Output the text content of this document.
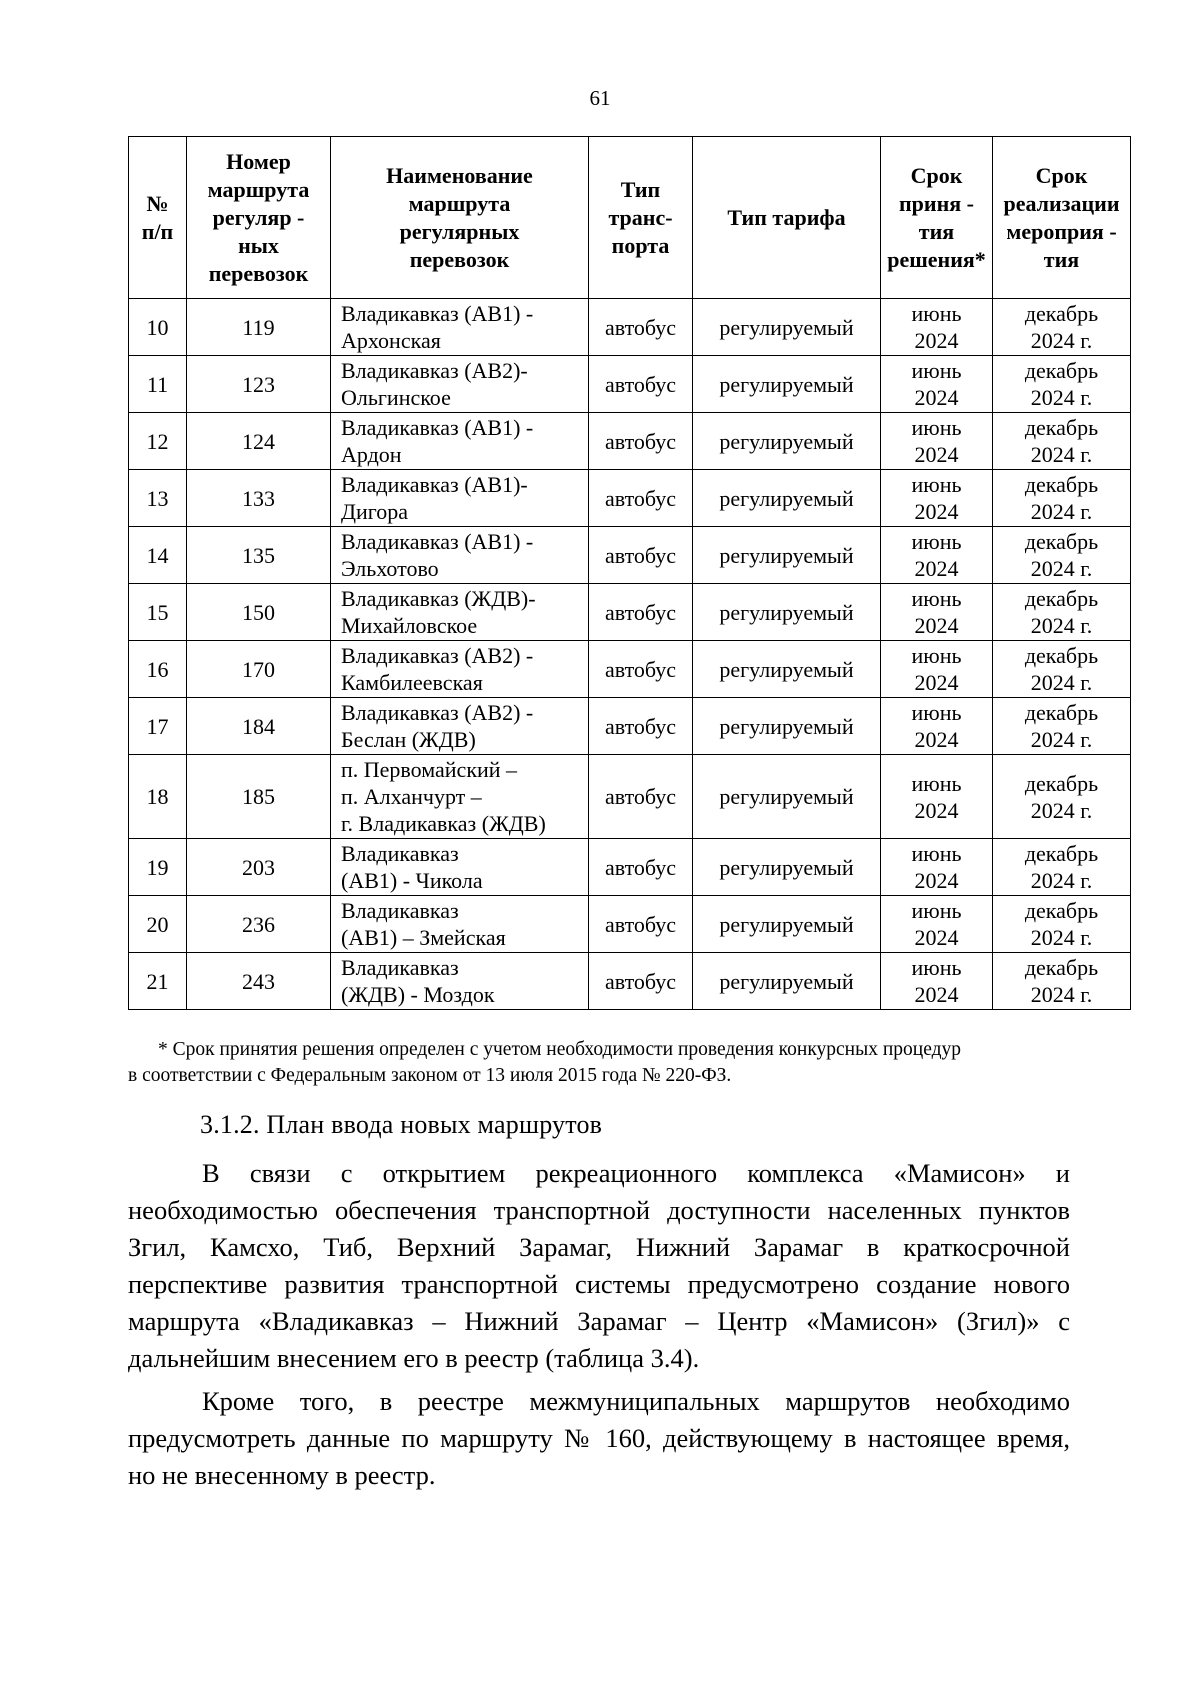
61
№
п/п	Номер
маршрута
регуляр -
ных
перевозок	Наименование
маршрута
регулярных
перевозок	Тип
транс-
порта	Тип тарифа	Срок
приня -
тия
решения*	Срок
реализации
мероприя -
тия

10	119	Владикавказ (АВ1) -
Архонская	автобус	регулируемый	июнь
2024	декабрь
2024 г.

11	123	Владикавказ (АВ2)-
Ольгинское	автобус	регулируемый	июнь
2024	декабрь
2024 г.

12	124	Владикавказ (АВ1) -
Ардон	автобус	регулируемый	июнь
2024	декабрь
2024 г.

13	133	Владикавказ (АВ1)-
Дигора	автобус	регулируемый	июнь
2024	декабрь
2024 г.

14	135	Владикавказ (АВ1) -
Эльхотово	автобус	регулируемый	июнь
2024	декабрь
2024 г.

15	150	Владикавказ (ЖДВ)-
Михайловское	автобус	регулируемый	июнь
2024	декабрь
2024 г.

16	170	Владикавказ (АВ2) -
Камбилеевская	автобус	регулируемый	июнь
2024	декабрь
2024 г.

17	184	Владикавказ (АВ2) -
Беслан (ЖДВ)	автобус	регулируемый	июнь
2024	декабрь
2024 г.

18	185	п. Первомайский –
п. Алханчурт –
г. Владикавказ (ЖДВ)	автобус	регулируемый	июнь
2024	декабрь
2024 г.

19	203	Владикавказ
(АВ1) - Чикола	автобус	регулируемый	июнь
2024	декабрь
2024 г.

20	236	Владикавказ
(АВ1) – Змейская	автобус	регулируемый	июнь
2024	декабрь
2024 г.

21	243	Владикавказ
(ЖДВ) - Моздок	автобус	регулируемый	июнь
2024	декабрь
2024 г.
* Срок принятия решения определен с учетом необходимости проведения конкурсных процедур
в соответствии с Федеральным законом от 13 июля 2015 года № 220-ФЗ.
3.1.2. План ввода новых маршрутов

В связи с открытием рекреационного комплекса «Мамисон» и
необходимостью обеспечения транспортной доступности населенных пунктов
Згил, Камсхо, Тиб, Верхний Зарамаг, Нижний Зарамаг в краткосрочной
перспективе развития транспортной системы предусмотрено создание нового
маршрута «Владикавказ – Нижний Зарамаг – Центр «Мамисон» (Згил)» с
дальнейшим внесением его в реестр (таблица 3.4).

Кроме того, в реестре межмуниципальных маршрутов необходимо
предусмотреть данные по маршруту № 160, действующему в настоящее время,
но не внесенному в реестр.
